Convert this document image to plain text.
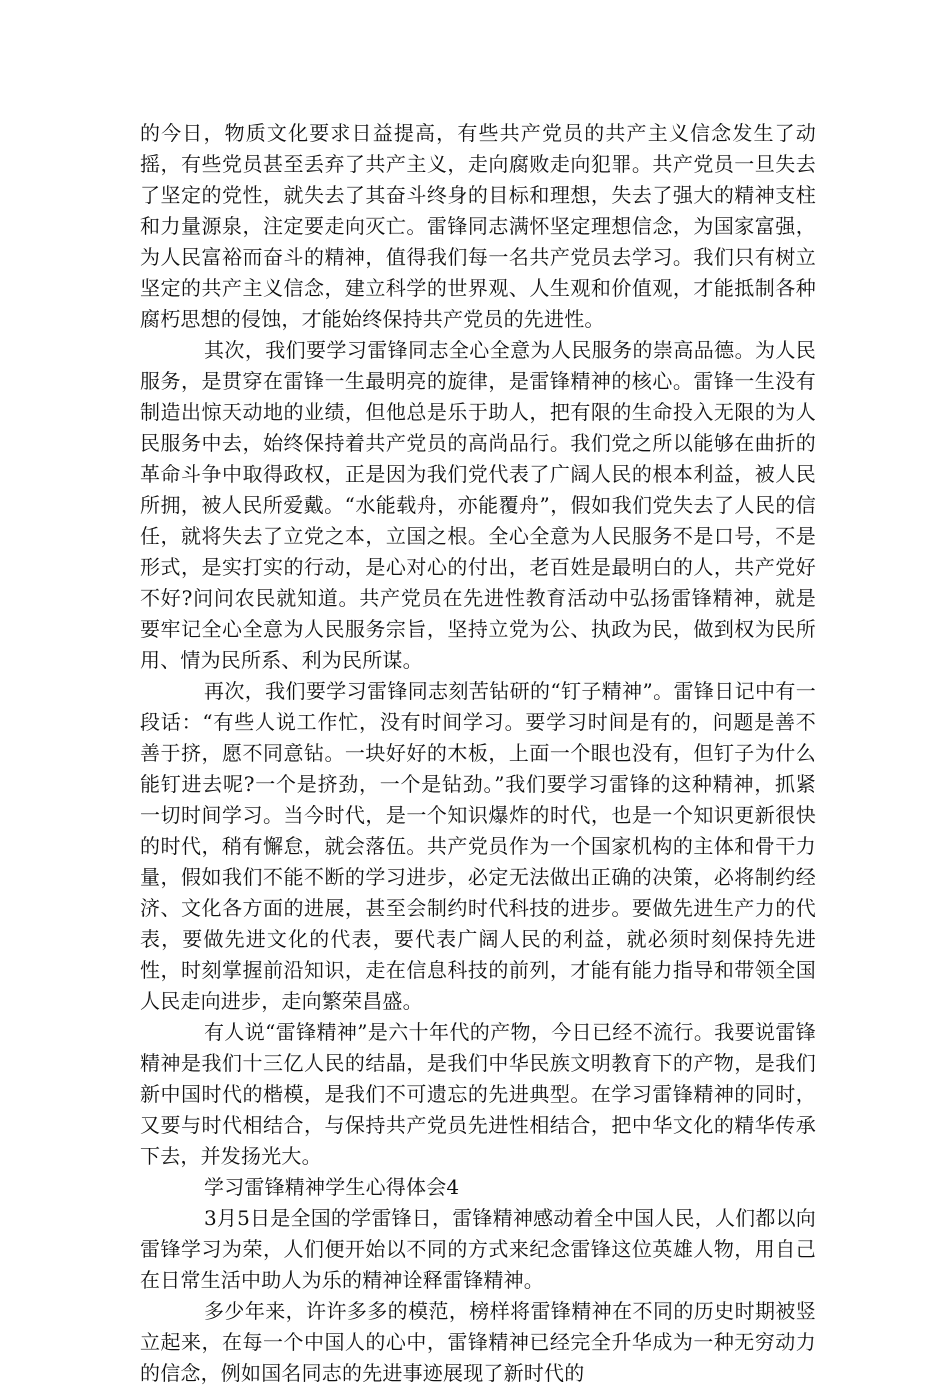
的今日，物质文化要求日益提高，有些共产党员的共产主义信念发生了动摇，有些党员甚至丢弃了共产主义，走向腐败走向犯罪。共产党员一旦失去了坚定的党性，就失去了其奋斗终身的目标和理想，失去了强大的精神支柱和力量源泉，注定要走向灭亡。雷锋同志满怀坚定理想信念，为国家富强，为人民富裕而奋斗的精神，值得我们每一名共产党员去学习。我们只有树立坚定的共产主义信念，建立科学的世界观、人生观和价值观，才能抵制各种腐朽思想的侵蚀，才能始终保持共产党员的先进性。

其次，我们要学习雷锋同志全心全意为人民服务的崇高品德。为人民服务，是贯穿在雷锋一生最明亮的旋律，是雷锋精神的核心。雷锋一生没有制造出惊天动地的业绩，但他总是乐于助人，把有限的生命投入无限的为人民服务中去，始终保持着共产党员的高尚品行。我们党之所以能够在曲折的革命斗争中取得政权，正是因为我们党代表了广阔人民的根本利益，被人民所拥，被人民所爱戴。“水能载舟，亦能覆舟”，假如我们党失去了人民的信任，就将失去了立党之本，立国之根。全心全意为人民服务不是口号，不是形式，是实打实的行动，是心对心的付出，老百姓是最明白的人，共产党好不好?问问农民就知道。共产党员在先进性教育活动中弘扬雷锋精神，就是要牢记全心全意为人民服务宗旨，坚持立党为公、执政为民，做到权为民所用、情为民所系、利为民所谋。

再次，我们要学习雷锋同志刻苦钻研的“钉子精神”。雷锋日记中有一段话：“有些人说工作忙，没有时间学习。要学习时间是有的，问题是善不善于挤，愿不同意钻。一块好好的木板，上面一个眼也没有，但钉子为什么能钉进去呢?一个是挤劲，一个是钻劲。”我们要学习雷锋的这种精神，抓紧一切时间学习。当今时代，是一个知识爆炸的时代，也是一个知识更新很快的时代，稍有懈怠，就会落伍。共产党员作为一个国家机构的主体和骨干力量，假如我们不能不断的学习进步，必定无法做出正确的决策，必将制约经济、文化各方面的进展，甚至会制约时代科技的进步。要做先进生产力的代表，要做先进文化的代表，要代表广阔人民的利益，就必须时刻保持先进性，时刻掌握前沿知识，走在信息科技的前列，才能有能力指导和带领全国人民走向进步，走向繁荣昌盛。

有人说“雷锋精神”是六十年代的产物，今日已经不流行。我要说雷锋精神是我们十三亿人民的结晶，是我们中华民族文明教育下的产物，是我们新中国时代的楷模，是我们不可遗忘的先进典型。在学习雷锋精神的同时，又要与时代相结合，与保持共产党员先进性相结合，把中华文化的精华传承下去，并发扬光大。

学习雷锋精神学生心得体会4

3月5日是全国的学雷锋日，雷锋精神感动着全中国人民，人们都以向雷锋学习为荣，人们便开始以不同的方式来纪念雷锋这位英雄人物，用自己在日常生活中助人为乐的精神诠释雷锋精神。

多少年来，许许多多的模范，榜样将雷锋精神在不同的历史时期被竖立起来，在每一个中国人的心中，雷锋精神已经完全升华成为一种无穷动力的信念，例如国名同志的先进事迹展现了新时代的
